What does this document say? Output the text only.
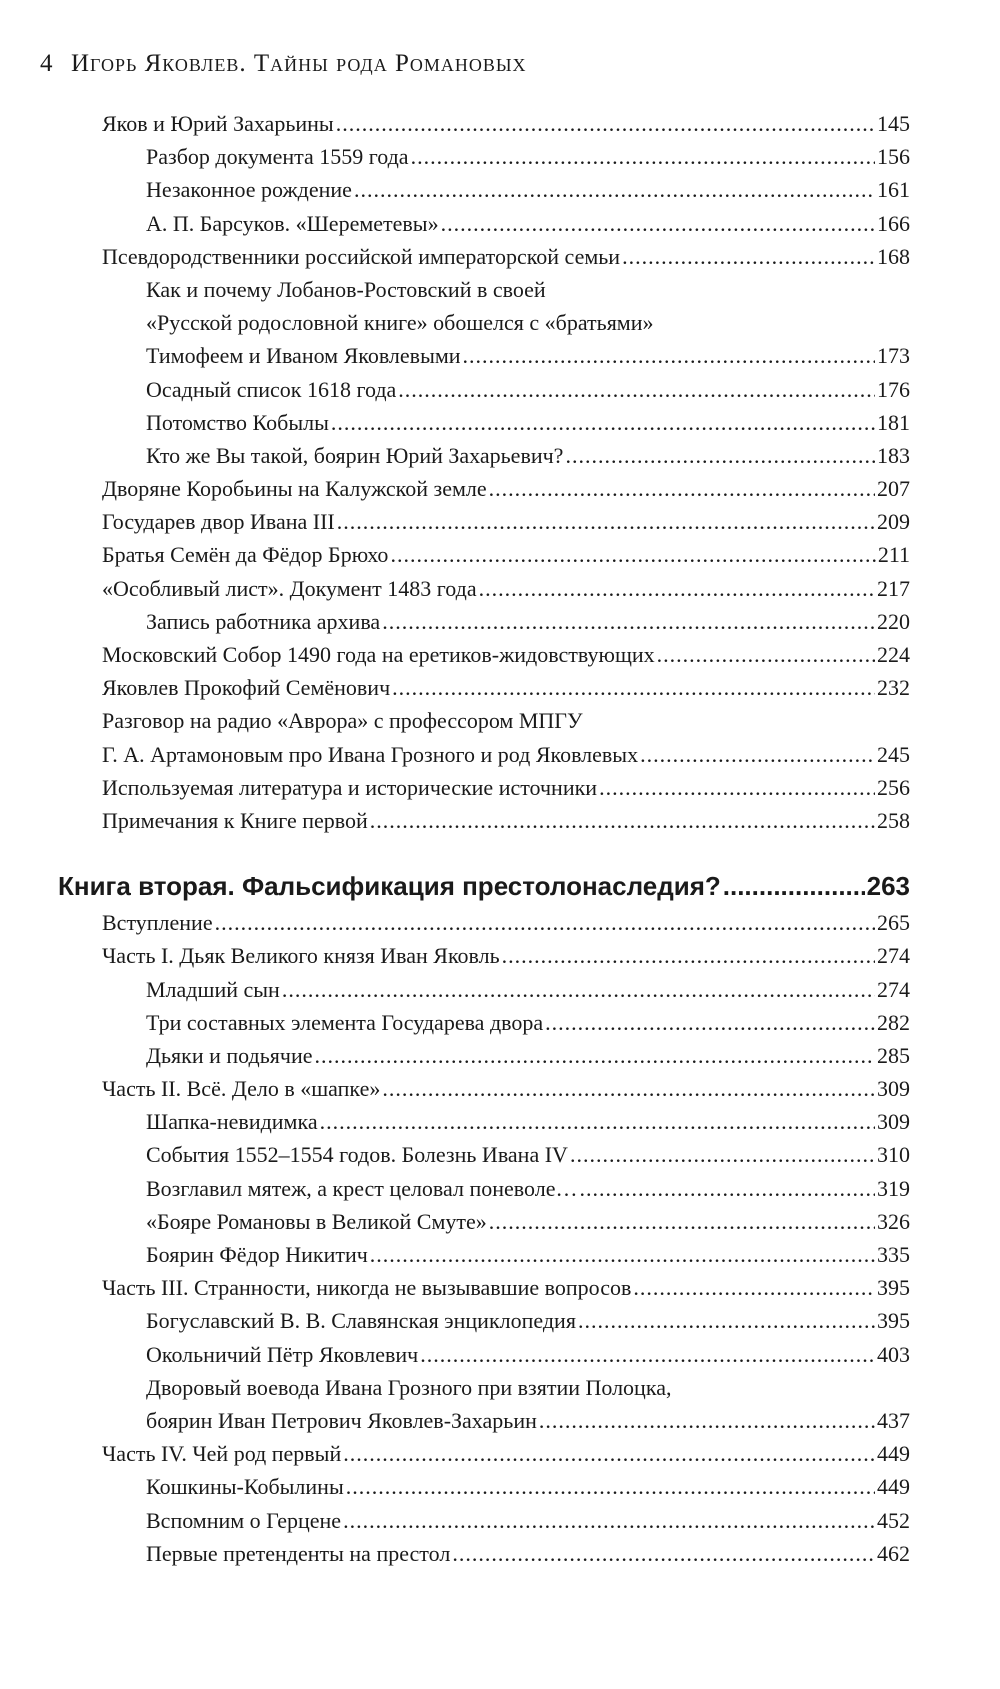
4 Игорь Яковлев. Тайны рода Романовых
Яков и Юрий Захарьины .....	145
Разбор документа 1559 года .....	156
Незаконное рождение .....	161
А. П. Барсуков. «Шереметевы» .....	166
Псевдородственники российской императорской семьи .....	168
Как и почему Лобанов-Ростовский в своей
«Русской родословной книге» обошелся с «братьями»
Тимофеем и Иваном Яковлевыми .....	173
Осадный список 1618 года .....	176
Потомство Кобылы .....	181
Кто же Вы такой, боярин Юрий Захарьевич? .....	183
Дворяне Коробьины на Калужской земле .....	207
Государев двор Ивана III .....	209
Братья Семён да Фёдор Брюхо .....	211
«Особливый лист». Документ 1483 года .....	217
Запись работника архива .....	220
Московский Собор 1490 года на еретиков-жидовствующих .....	224
Яковлев Прокофий Семёнович .....	232
Разговор на радио «Аврора» с профессором МПГУ
Г. А. Артамоновым про Ивана Грозного и род Яковлевых .....	245
Используемая литература и исторические источники .....	256
Примечания к Книге первой .....	258
Книга вторая. Фальсификация престолонаследия? .....	263
Вступление .....	265
Часть I. Дьяк Великого князя Иван Яковль .....	274
Младший сын .....	274
Три составных элемента Государева двора .....	282
Дьяки и подьячие .....	285
Часть II. Всё. Дело в «шапке» .....	309
Шапка-невидимка .....	309
События 1552–1554 годов. Болезнь Ивана IV .....	310
Возглавил мятеж, а крест целовал поневоле… .....	319
«Бояре Романовы в Великой Смуте» .....	326
Боярин Фёдор Никитич .....	335
Часть III. Странности, никогда не вызывавшие вопросов .....	395
Богуславский В. В. Славянская энциклопедия .....	395
Окольничий Пётр Яковлевич .....	403
Дворовый воевода Ивана Грозного при взятии Полоцка,
боярин Иван Петрович Яковлев-Захарьин .....	437
Часть IV. Чей род первый .....	449
Кошкины-Кобылины .....	449
Вспомним о Герцене .....	452
Первые претенденты на престол .....	462
